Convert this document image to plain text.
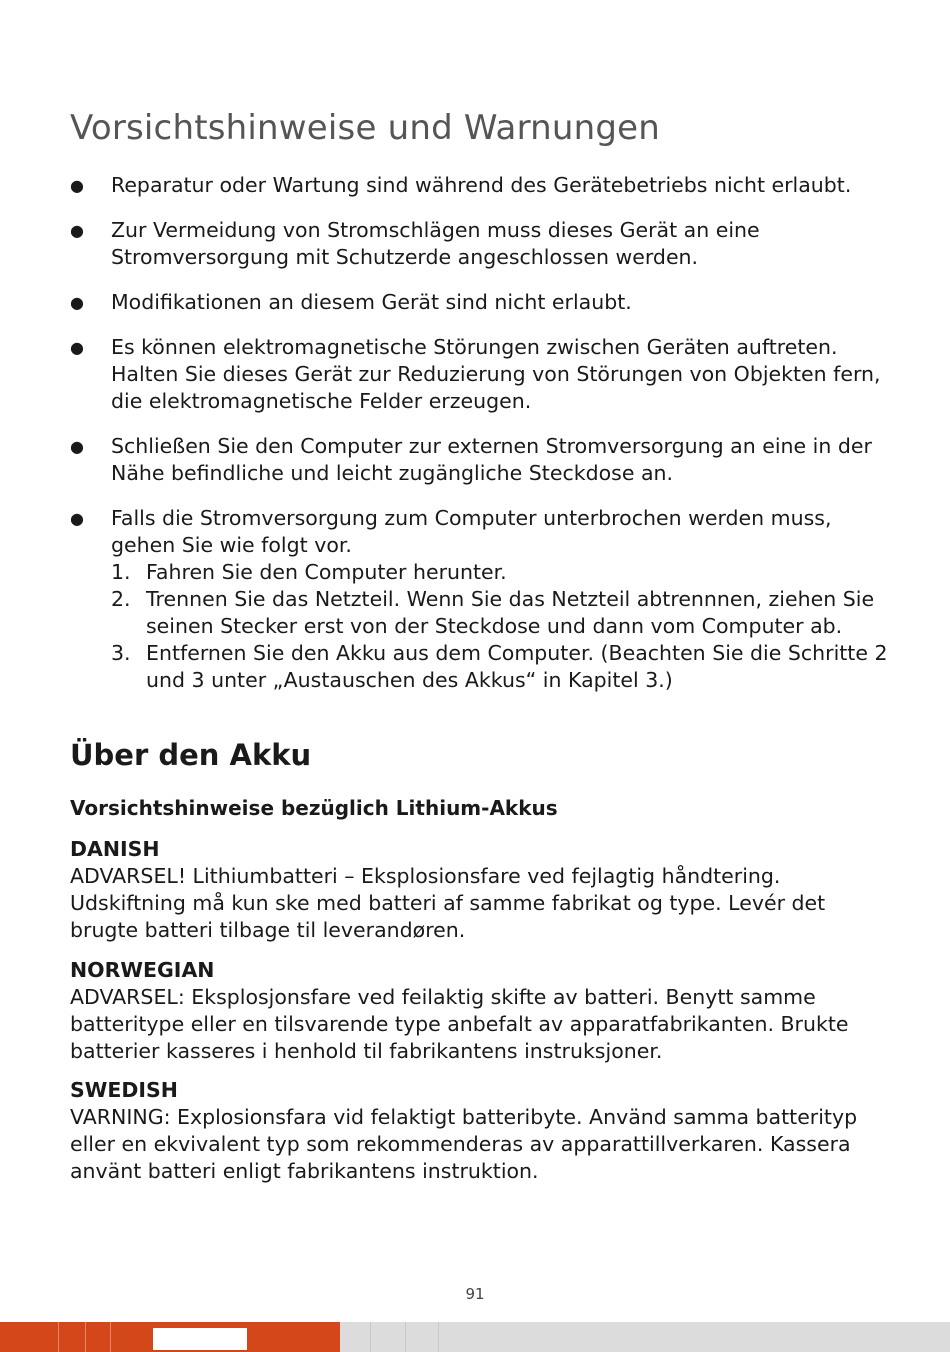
Vorsichtshinweise und Warnungen
● Reparatur oder Wartung sind während des Gerätebetriebs nicht erlaubt.
● Zur Vermeidung von Stromschlägen muss dieses Gerät an eine Stromversorgung mit Schutzerde angeschlossen werden.
● Modifikationen an diesem Gerät sind nicht erlaubt.
● Es können elektromagnetische Störungen zwischen Geräten auftreten. Halten Sie dieses Gerät zur Reduzierung von Störungen von Objekten fern, die elektromagnetische Felder erzeugen.
● Schließen Sie den Computer zur externen Stromversorgung an eine in der Nähe befindliche und leicht zugängliche Steckdose an.
● Falls die Stromversorgung zum Computer unterbrochen werden muss, gehen Sie wie folgt vor.
1. Fahren Sie den Computer herunter.
2. Trennen Sie das Netzteil. Wenn Sie das Netzteil abtrennnen, ziehen Sie seinen Stecker erst von der Steckdose und dann vom Computer ab.
3. Entfernen Sie den Akku aus dem Computer. (Beachten Sie die Schritte 2 und 3 unter „Austauschen des Akkus“ in Kapitel 3.)
Über den Akku
Vorsichtshinweise bezüglich Lithium-Akkus
DANISH
ADVARSEL! Lithiumbatteri – Eksplosionsfare ved fejlagtig håndtering. Udskiftning må kun ske med batteri af samme fabrikat og type. Levér det brugte batteri tilbage til leverandøren.
NORWEGIAN
ADVARSEL: Eksplosjonsfare ved feilaktig skifte av batteri. Benytt samme batteritype eller en tilsvarende type anbefalt av apparatfabrikanten. Brukte batterier kasseres i henhold til fabrikantens instruksjoner.
SWEDISH
VARNING: Explosionsfara vid felaktigt batteribyte. Använd samma batterityp eller en ekvivalent typ som rekommenderas av apparattillverkaren. Kassera använt batteri enligt fabrikantens instruktion.
91
